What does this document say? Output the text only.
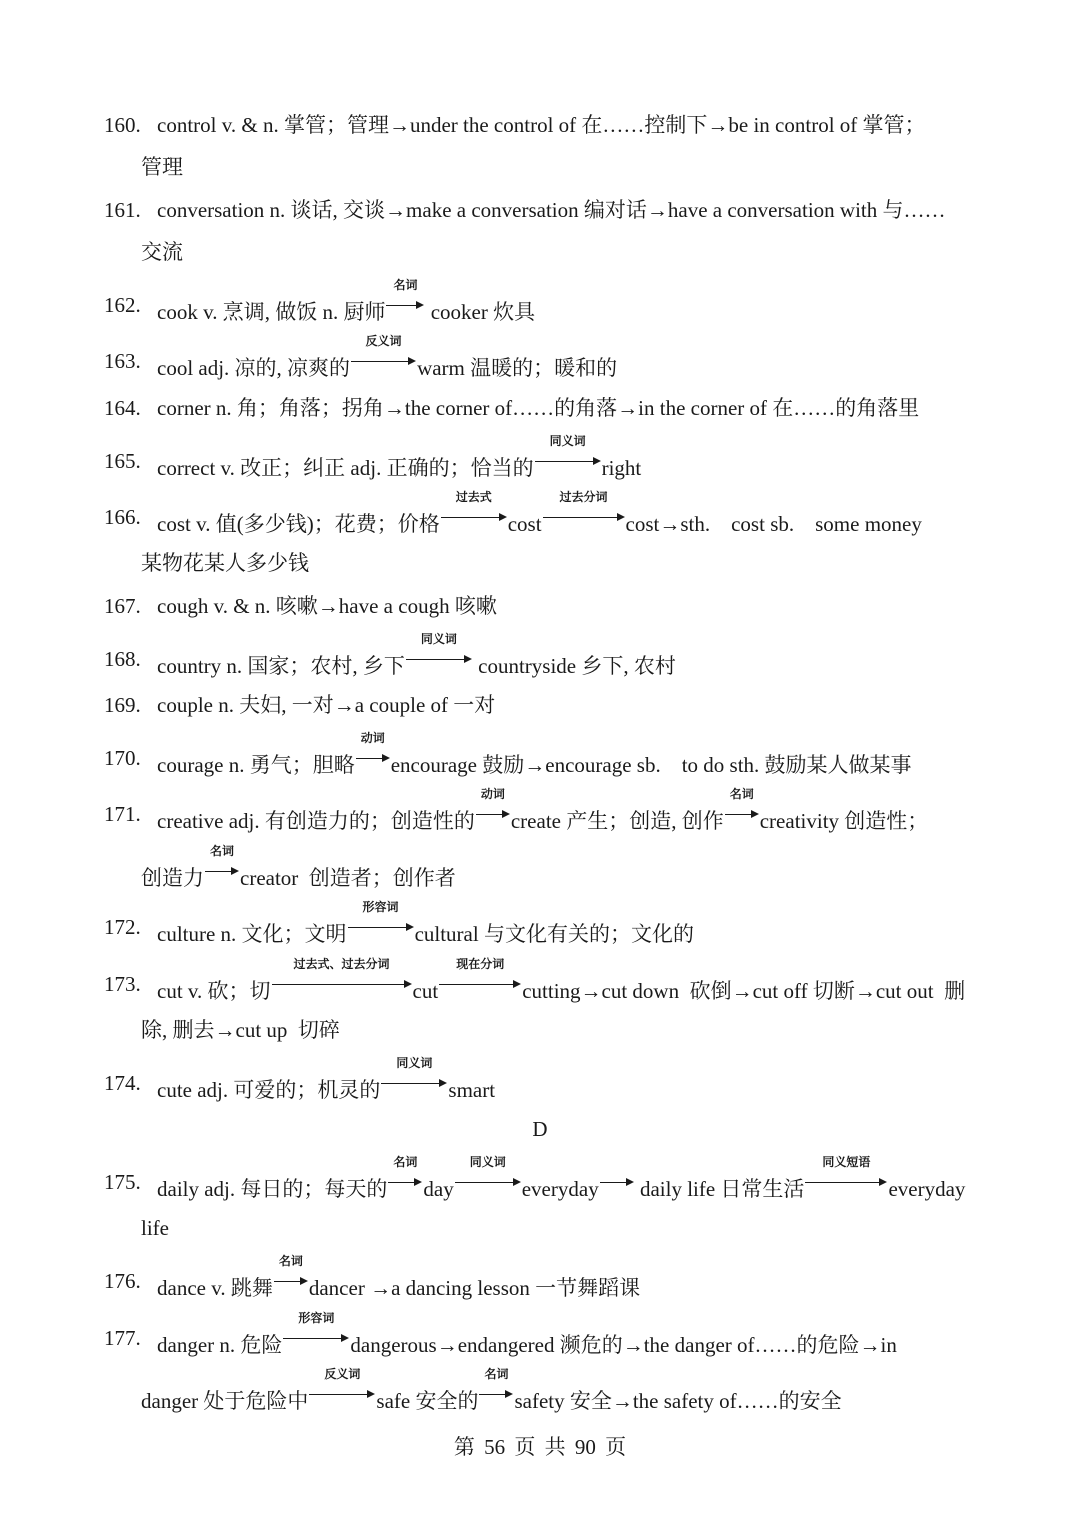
160. control v. & n. 掌管；管理→under the control of 在……控制下→be in control of 掌管；
管理
161. conversation n. 谈话, 交谈→make a conversation 编对话→have a conversation with 与……
交流
162. cook v. 烹调, 做饭 n. 厨师
名词
cooker 炊具
163. cool adj. 凉的, 凉爽的
反义词
warm 温暖的；暖和的
164. corner n. 角；角落；拐角→the corner of……的角落→in the corner of 在……的角落里
165. correct v. 改正；纠正 adj. 正确的；恰当的
同义词
right
166. cost v. 值(多少钱)；花费；价格
过去式
cost
过去分词
cost→sth.    cost sb.    some money
某物花某人多少钱
167. cough v. & n. 咳嗽→have a cough 咳嗽
168. country n. 国家；农村, 乡下
同义词
countryside 乡下, 农村
169. couple n. 夫妇, 一对→a couple of 一对
170. courage n. 勇气；胆略
动词
encourage 鼓励→encourage sb.    to do sth. 鼓励某人做某事
171. creative adj. 有创造力的；创造性的
动词
create 产生；创造, 创作
名词
creativity 创造性；
创造力
名词
creator  创造者；创作者
172. culture n. 文化；文明
形容词
cultural 与文化有关的；文化的
173. cut v. 砍；切
过去式、过去分词
cut
现在分词
cutting→cut down  砍倒→cut off 切断→cut out  删
除, 删去→cut up  切碎
174. cute adj. 可爱的；机灵的
同义词
smart
D
175. daily adj. 每日的；每天的
名词
day
同义词
everyday
daily life 日常生活
同义短语
everyday
life
176. dance v. 跳舞
名词
dancer →a dancing lesson 一节舞蹈课
177. danger n. 危险
形容词
dangerous→endangered 濒危的→the danger of……的危险→in
danger 处于危险中
反义词
safe 安全的
名词
safety 安全→the safety of……的安全
第 56 页 共 90 页
